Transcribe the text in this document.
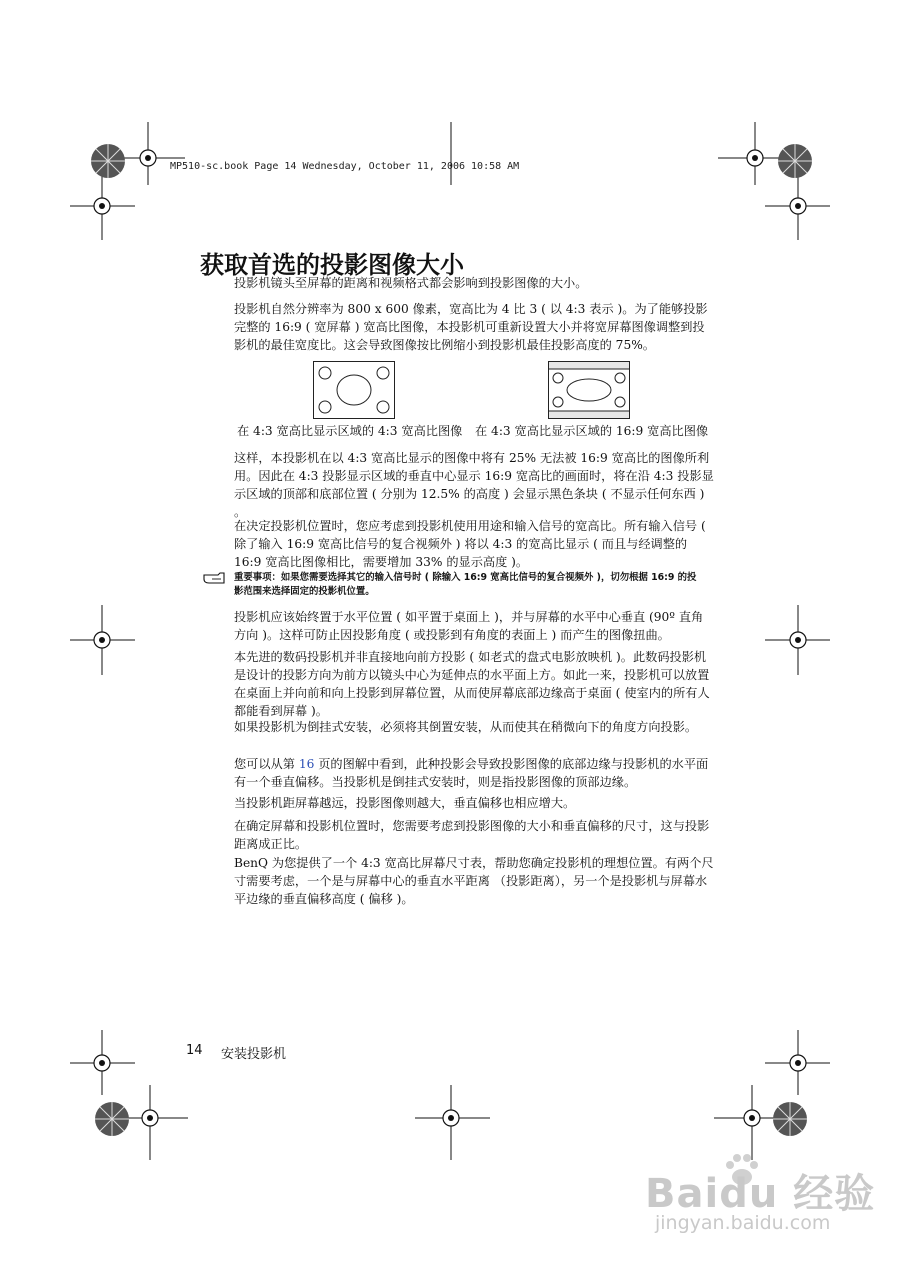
MP510-sc.book Page 14 Wednesday, October 11, 2006 10:58 AM
获取首选的投影图像大小

投影机镜头至屏幕的距离和视频格式都会影响到投影图像的大小。

投影机自然分辨率为 800 x 600 像素，宽高比为 4 比 3 ( 以 4:3 表示 )。为了能够投影完整的 16:9 ( 宽屏幕 ) 宽高比图像，本投影机可重新设置大小并将宽屏幕图像调整到投影机的最佳宽度比。这会导致图像按比例缩小到投影机最佳投影高度的 75%。

在 4:3 宽高比显示区域的 4:3 宽高比图像 在 4:3 宽高比显示区域的 16:9 宽高比图像

这样，本投影机在以 4:3 宽高比显示的图像中将有 25% 无法被 16:9 宽高比的图像所利用。因此在 4:3 投影显示区域的垂直中心显示 16:9 宽高比的画面时，将在沿 4:3 投影显示区域的顶部和底部位置 ( 分别为 12.5% 的高度 ) 会显示黑色条块 ( 不显示任何东西 ) 。

在决定投影机位置时，您应考虑到投影机使用用途和输入信号的宽高比。所有输入信号 ( 除了输入 16:9 宽高比信号的复合视频外 ) 将以 4:3 的宽高比显示 ( 而且与经调整的 16:9 宽高比图像相比，需要增加 33% 的显示高度 )。

重要事项：如果您需要选择其它的输入信号时 ( 除输入 16:9 宽高比信号的复合视频外 )，切勿根据 16:9 的投影范围来选择固定的投影机位置。

投影机应该始终置于水平位置 ( 如平置于桌面上 )，并与屏幕的水平中心垂直 (90º 直角方向 )。这样可防止因投影角度 ( 或投影到有角度的表面上 ) 而产生的图像扭曲。

本先进的数码投影机并非直接地向前方投影 ( 如老式的盘式电影放映机 )。此数码投影机是设计的投影方向为前方以镜头中心为延伸点的水平面上方。如此一来，投影机可以放置在桌面上并向前和向上投影到屏幕位置，从而使屏幕底部边缘高于桌面 ( 使室内的所有人都能看到屏幕 )。

如果投影机为倒挂式安装，必须将其倒置安装，从而使其在稍微向下的角度方向投影。

您可以从第 16 页的图解中看到，此种投影会导致投影图像的底部边缘与投影机的水平面有一个垂直偏移。当投影机是倒挂式安装时，则是指投影图像的顶部边缘。

当投影机距屏幕越远，投影图像则越大，垂直偏移也相应增大。

在确定屏幕和投影机位置时，您需要考虑到投影图像的大小和垂直偏移的尺寸，这与投影距离成正比。

BenQ 为您提供了一个 4:3 宽高比屏幕尺寸表，帮助您确定投影机的理想位置。有两个尺寸需要考虑，一个是与屏幕中心的垂直水平距离 （投影距离），另一个是投影机与屏幕水平边缘的垂直偏移高度 ( 偏移 )。

14 安装投影机
Baidu 经验
jingyan.baidu.com
